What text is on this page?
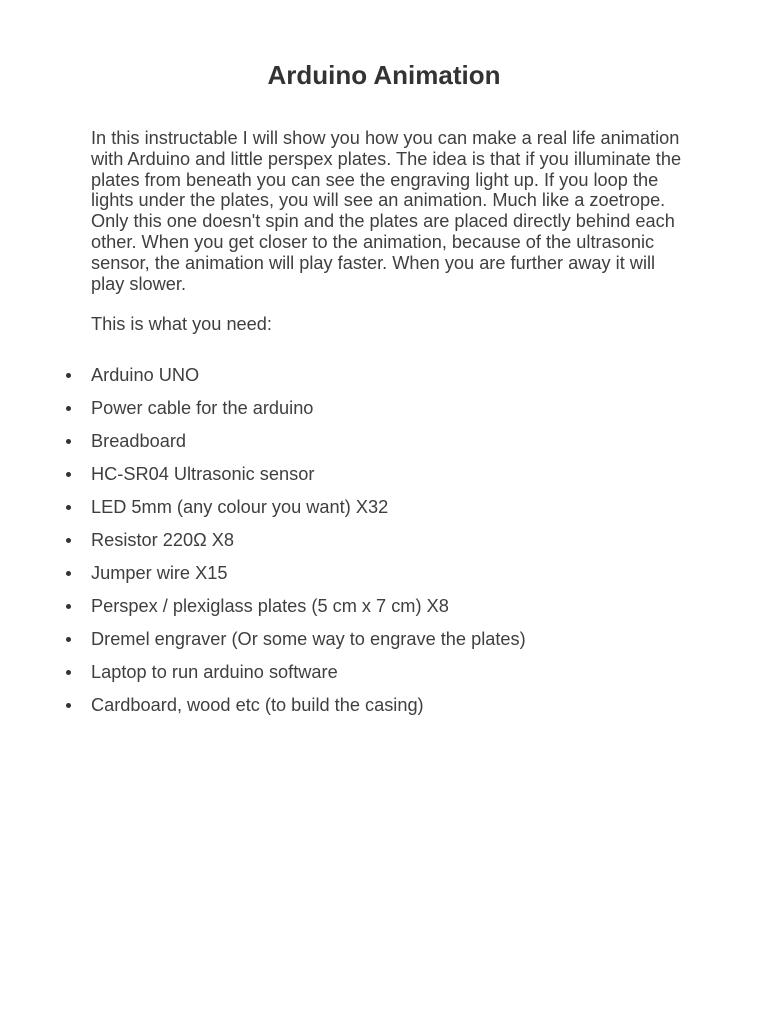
Arduino Animation

In this instructable I will show you how you can make a real life animation with Arduino and little perspex plates. The idea is that if you illuminate the plates from beneath you can see the engraving light up. If you loop the lights under the plates, you will see an animation. Much like a zoetrope. Only this one doesn't spin and the plates are placed directly behind each other. When you get closer to the animation, because of the ultrasonic sensor, the animation will play faster. When you are further away it will play slower.

This is what you need:

Arduino UNO
Power cable for the arduino
Breadboard
HC-SR04 Ultrasonic sensor
LED 5mm (any colour you want) X32
Resistor 220Ω X8
Jumper wire X15
Perspex / plexiglass plates (5 cm x 7 cm) X8
Dremel engraver (Or some way to engrave the plates)
Laptop to run arduino software
Cardboard, wood etc (to build the casing)
